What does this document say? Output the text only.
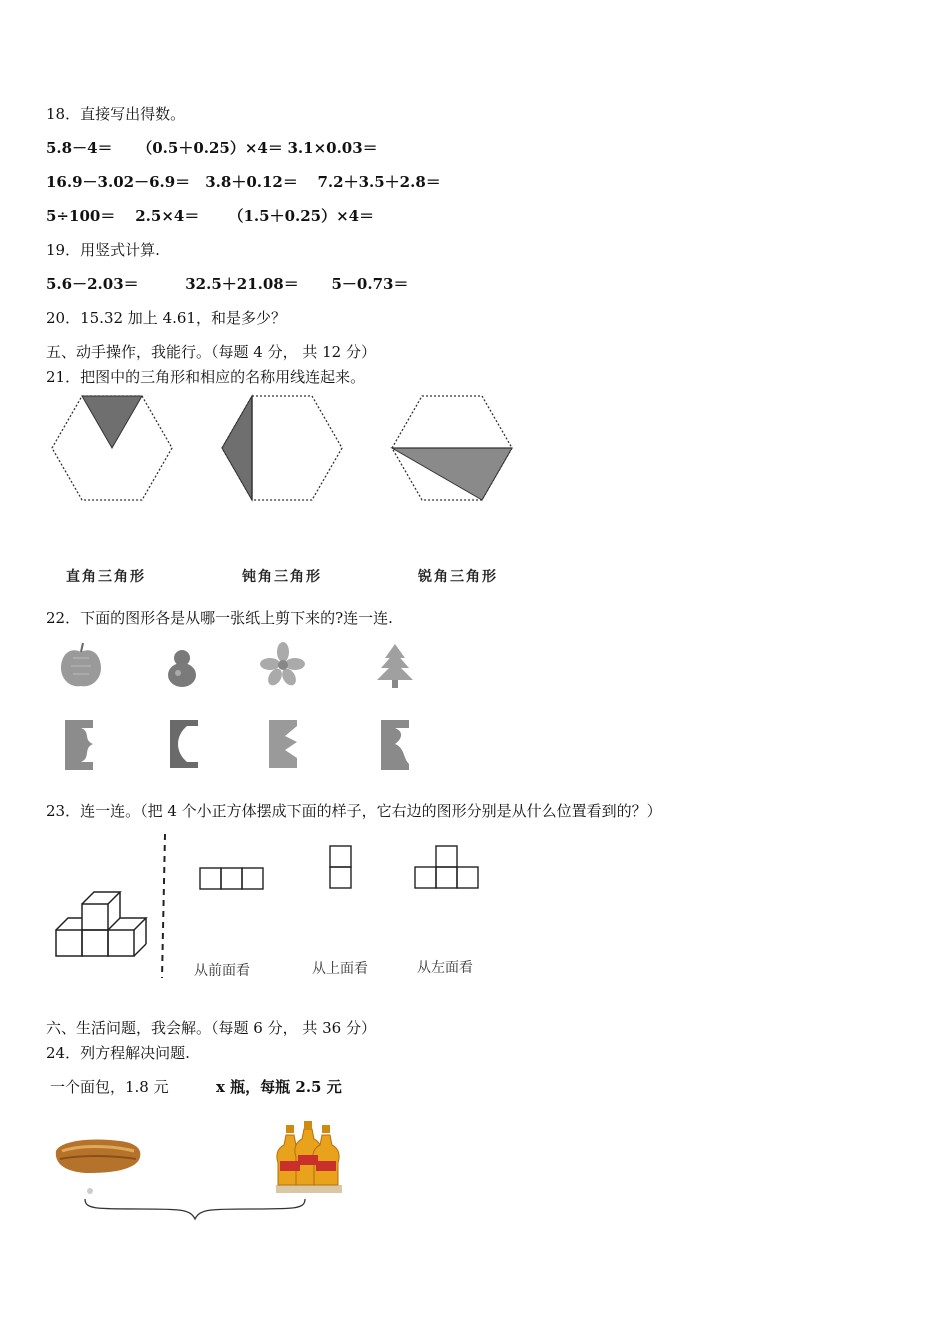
18．直接写出得数。
5.8－4＝ （0.5＋0.25）×4＝ 3.1×0.03＝
16.9－3.02－6.9＝ 3.8＋0.12＝ 7.2＋3.5＋2.8＝
5÷100＝ 2.5×4＝ （1.5＋0.25）×4＝
19．用竖式计算.
5.6－2.03＝	32.5＋21.08＝ 5－0.73＝
20．15.32 加上 4.61，和是多少？
五、动手操作，我能行。（每题 4 分， 共 12 分）
21．把图中的三角形和相应的名称用线连起来。
直角三角形	钝角三角形	锐角三角形
22．下面的图形各是从哪一张纸上剪下来的?连一连.
23．连一连。（把 4 个小正方体摆成下面的样子，它右边的图形分别是从什么位置看到的？）
从前面看	从上面看	从左面看
六、生活问题，我会解。（每题 6 分， 共 36 分）
24．列方程解决问题.
一个面包，1.8 元	x 瓶，每瓶 2.5 元
